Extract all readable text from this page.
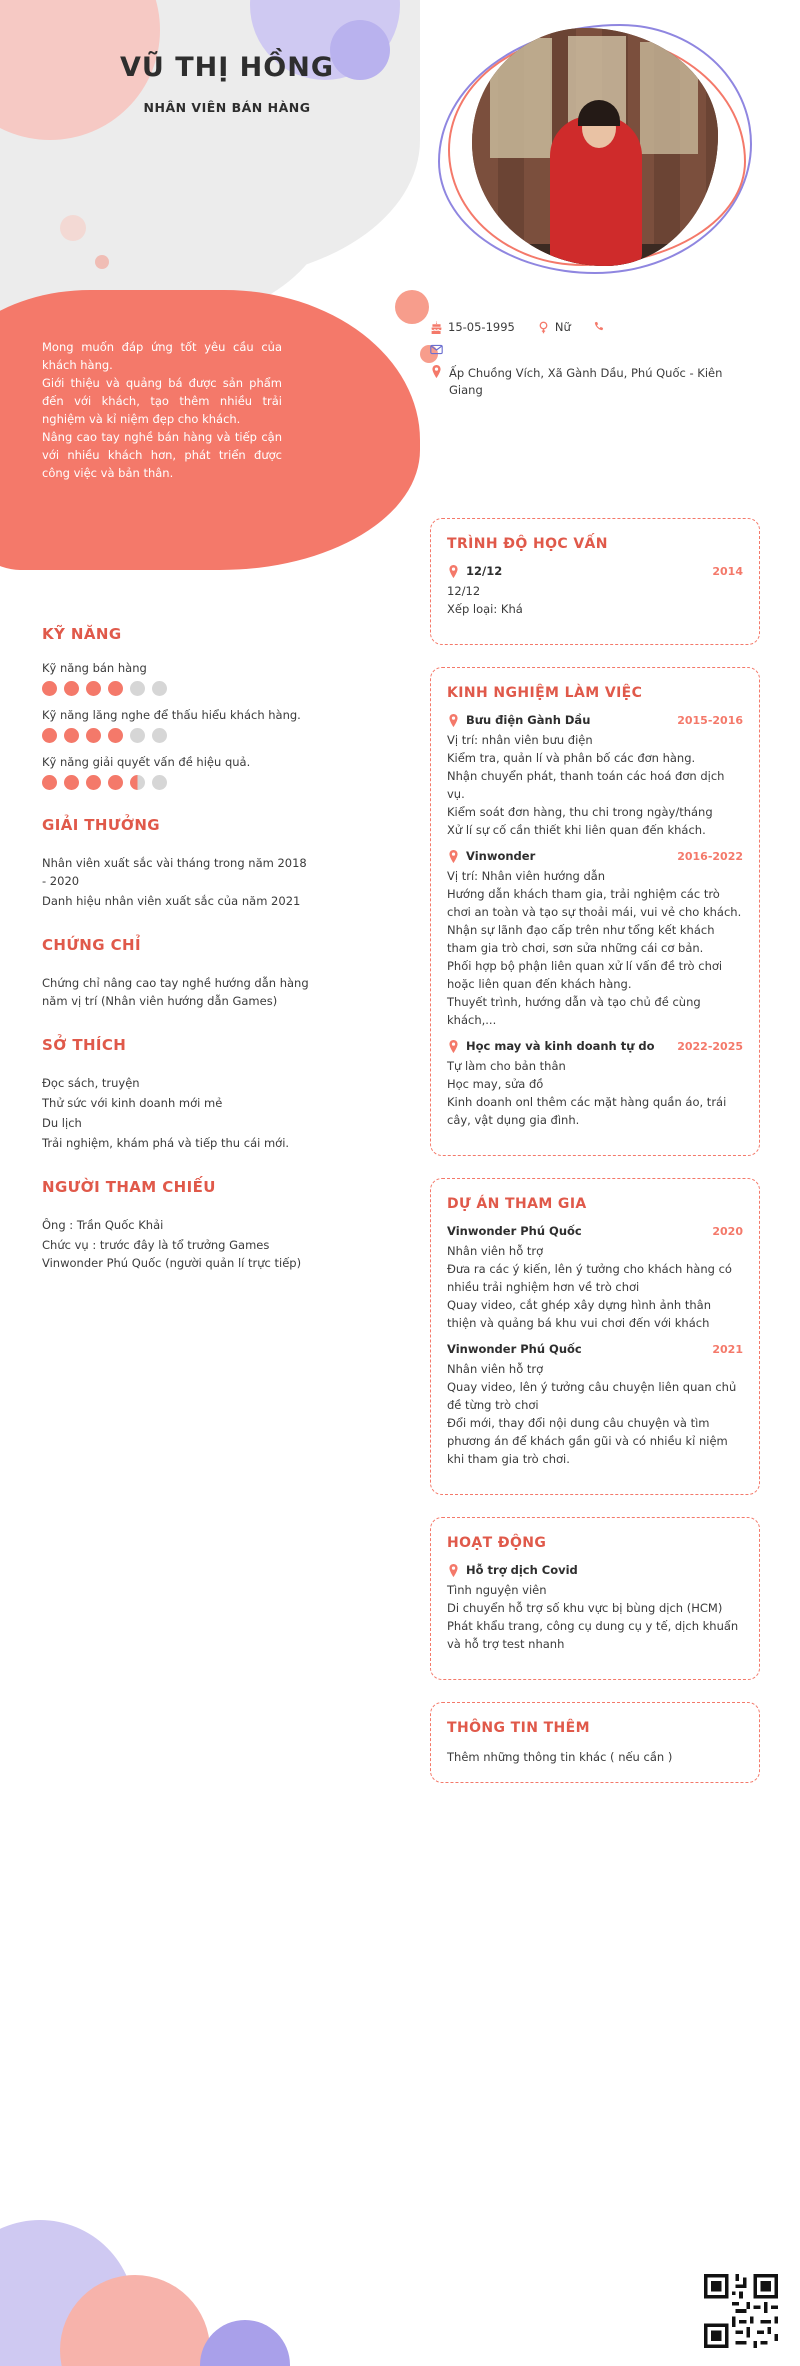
VŨ THỊ HỒNG
NHÂN VIÊN BÁN HÀNG
Mong muốn đáp ứng tốt yêu cầu của khách hàng.
Giới thiệu và quảng bá được sản phẩm đến với khách, tạo thêm nhiều trải nghiệm và kỉ niệm đẹp cho khách.
Nâng cao tay nghề bán hàng và tiếp cận với nhiều khách hơn, phát triển được công việc và bản thân.
15-05-1995	Nữ
Ấp Chuồng Vích, Xã Gành Dầu, Phú Quốc - Kiên Giang
KỸ NĂNG
Kỹ năng bán hàng
Kỹ năng lăng nghe để thấu hiểu khách hàng.
Kỹ năng giải quyết vấn đề hiệu quả.
GIẢI THƯỞNG

Nhân viên xuất sắc vài tháng trong năm 2018 - 2020

Danh hiệu nhân viên xuất sắc của năm 2021

CHỨNG CHỈ

Chứng chỉ nâng cao tay nghề hướng dẫn hàng năm vị trí (Nhân viên hướng dẫn Games)

SỞ THÍCH

Đọc sách, truyện

Thử sức với kinh doanh mới mẻ

Du lịch

Trải nghiệm, khám phá và tiếp thu cái mới.

NGƯỜI THAM CHIẾU

Ông : Trần Quốc Khải

Chức vụ : trước đây là tổ trưởng Games Vinwonder Phú Quốc (người quản lí trực tiếp)

TRÌNH ĐỘ HỌC VẤN
12/12	2014

12/12

Xếp loại: Khá

KINH NGHIỆM LÀM VIỆC
Bưu điện Gành Dầu	2015-2016

Vị trí: nhân viên bưu điện

Kiểm tra, quản lí và phân bố các đơn hàng.

Nhận chuyển phát, thanh toán các hoá đơn dịch vụ.

Kiểm soát đơn hàng, thu chi trong ngày/tháng

Xử lí sự cố cần thiết khi liên quan đến khách.

Vinwonder	2016-2022

Vị trí: Nhân viên hướng dẫn

Hướng dẫn khách tham gia, trải nghiệm các trò chơi an toàn và tạo sự thoải mái, vui vẻ cho khách.

Nhận sự lãnh đạo cấp trên như tổng kết khách tham gia trò chơi, sơn sửa những cái cơ bản.

Phối hợp bộ phận liên quan xử lí vấn đề trò chơi hoặc liên quan đến khách hàng.

Thuyết trình, hướng dẫn và tạo chủ đề cùng khách,...

Học may và kinh doanh tự do 2022-2025

Tự làm cho bản thân

Học may, sửa đồ

Kinh doanh onl thêm các mặt hàng quần áo, trái cây, vật dụng gia đình.

DỰ ÁN THAM GIA
Vinwonder Phú Quốc	2020

Nhân viên hỗ trợ

Đưa ra các ý kiến, lên ý tưởng cho khách hàng có nhiều trải nghiệm hơn về trò chơi

Quay video, cắt ghép xây dựng hình ảnh thân thiện và quảng bá khu vui chơi đến với khách

Vinwonder Phú Quốc	2021

Nhân viên hỗ trợ

Quay video, lên ý tưởng câu chuyện liên quan chủ đề từng trò chơi

Đổi mới, thay đổi nội dung câu chuyện và tìm phương án để khách gần gũi và có nhiều kỉ niệm khi tham gia trò chơi.

HOẠT ĐỘNG
Hỗ trợ dịch Covid

Tình nguyện viên

Di chuyển hỗ trợ số khu vực bị bùng dịch (HCM)

Phát khẩu trang, công cụ dung cụ y tế, dịch khuẩn và hỗ trợ test nhanh

THÔNG TIN THÊM

Thêm những thông tin khác ( nếu cần )
